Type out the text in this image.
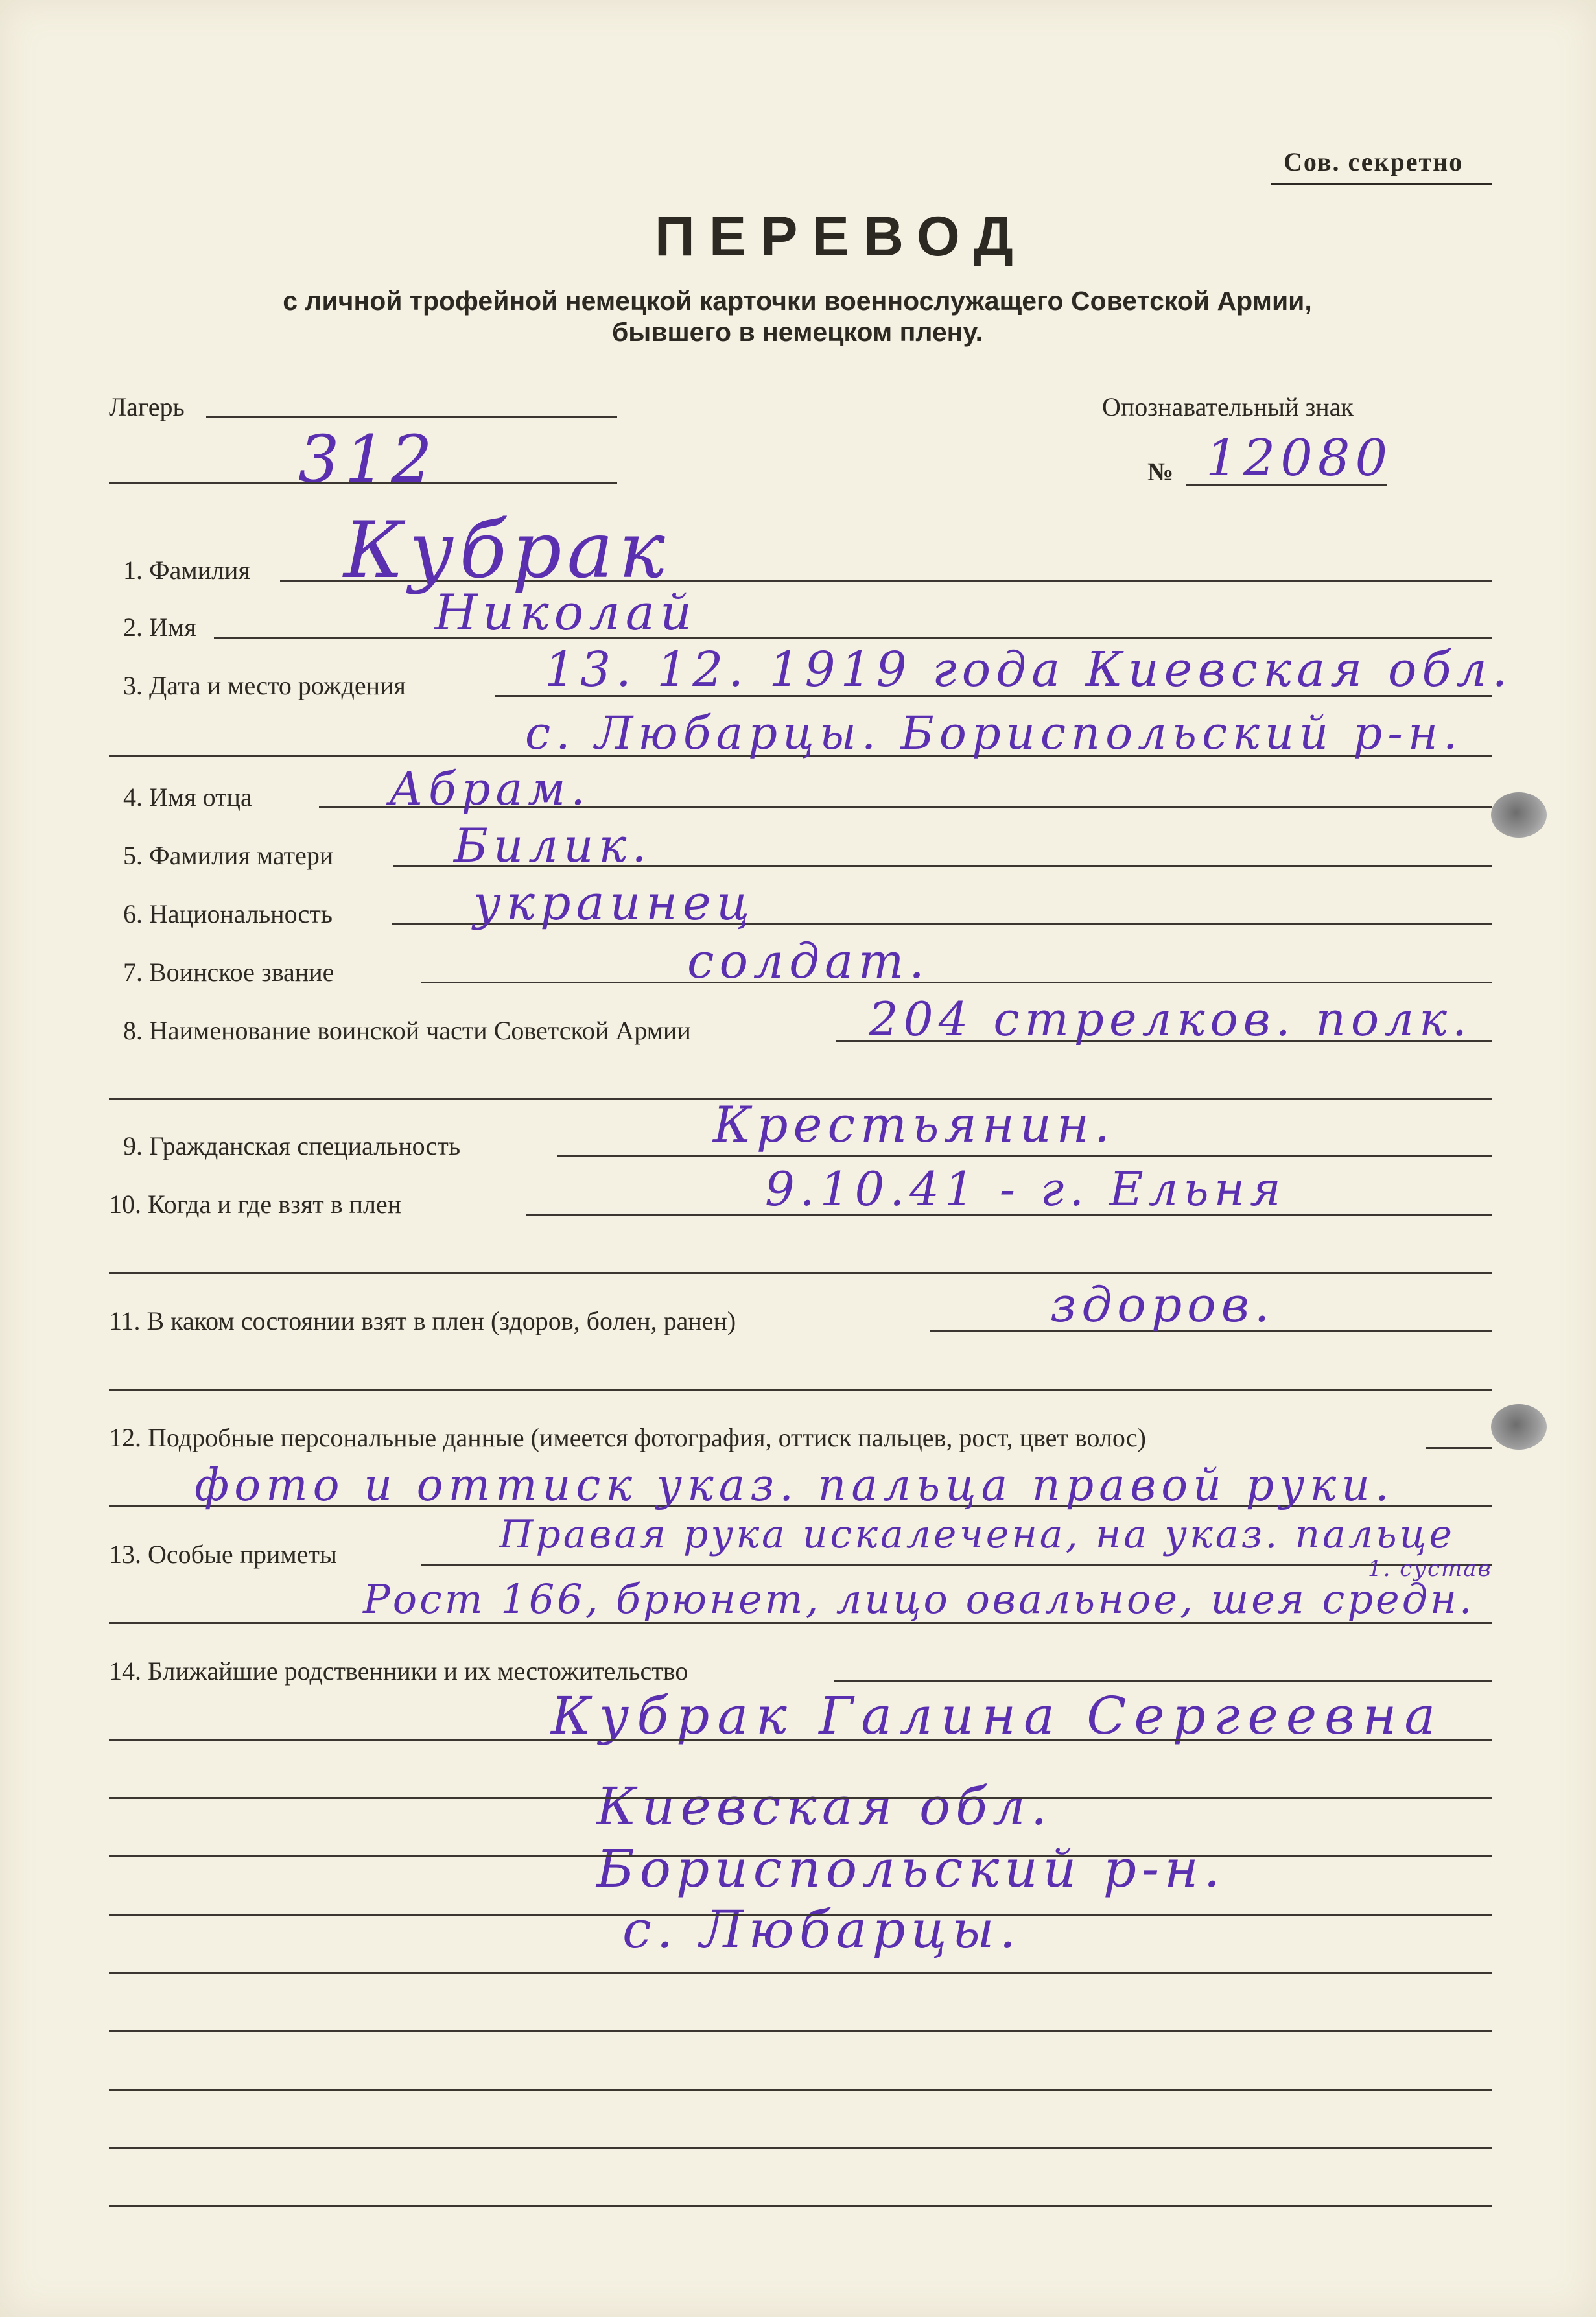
Сов. секретно
ПЕРЕВОД
с личной трофейной немецкой карточки военнослужащего Советской Армии,
бывшего в немецком плену.
Лагерь
312
Опознавательный знак
№ 12080
1. Фамилия Кубрак
2. Имя	Николай
3. Дата и место рождения	13. 12. 1919 года Киевская обл.
с. Любарцы. Бориспольский р-н.
4. Имя отца	Абрам.
5. Фамилия матери	Билик.
6. Национальность	украинец
7. Воинское звание	солдат.
8. Наименование воинской части Советской Армии	204 стрелков. полк.
9. Гражданская специальность	Крестьянин.
10. Когда и где взят в плен	9.10.41 - г. Ельня
11. В каком состоянии взят в плен (здоров, болен, ранен)	здоров.
12. Подробные персональные данные (имеется фотография, оттиск пальцев, рост, цвет волос)
фото и оттиск указ. пальца правой руки.
13. Особые приметы	Правая рука искалечена, на указ. пальце
1. сустав
Рост 166, брюнет, лицо овальное, шея средн.
14. Ближайшие родственники и их местожительство
Кубрак Галина Сергеевна
Киевская обл.
Бориспольский р-н.
с. Любарцы.
